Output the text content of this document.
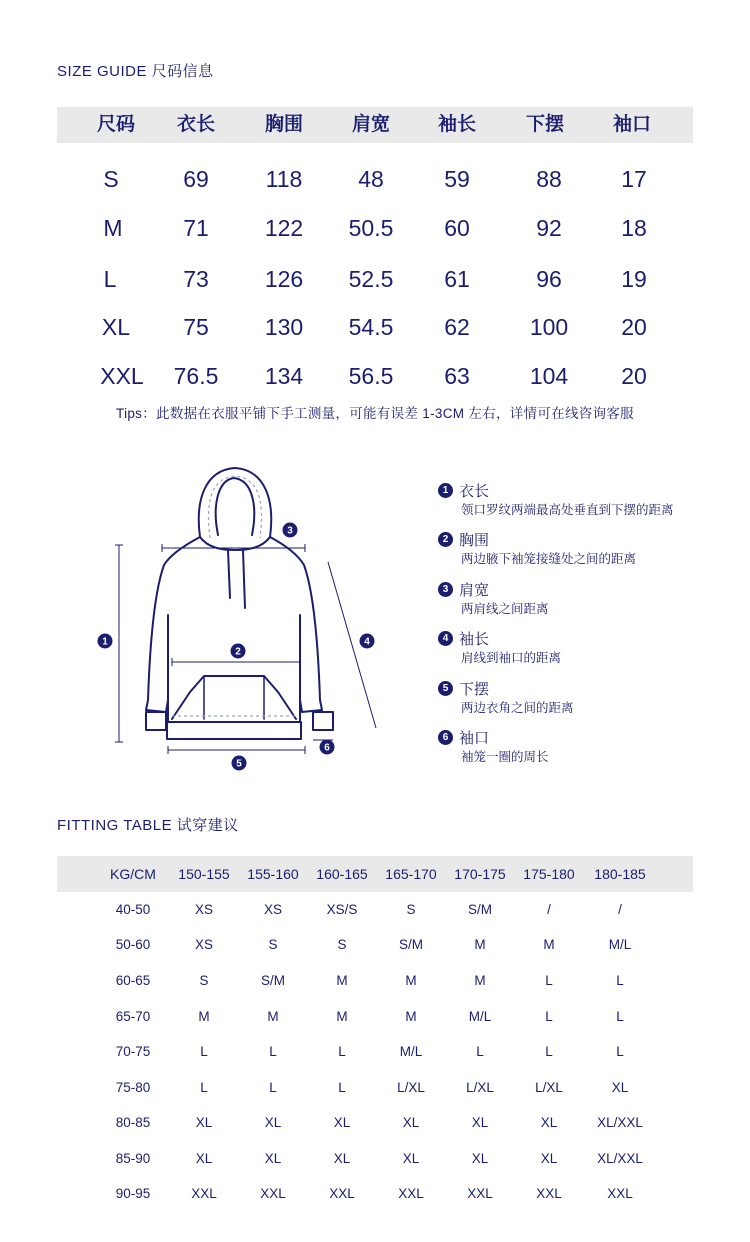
SIZE GUIDE 尺码信息
尺码	衣长	胸围	肩宽	袖长	下摆	袖口
S	69	118	48	59	88	17
M	71	122	50.5	60	92	18
L	73	126	52.5	61	96	19
XL	75	130	54.5	62	100	20
XXL	76.5	134	56.5	63	104	20
Tips：此数据在衣服平铺下手工测量，可能有误差 1-3CM 左右，详情可在线咨询客服
1
2
3
4
5
6
1 衣长
领口罗纹两端最高处垂直到下摆的距离
2 胸围
两边腋下袖笼接缝处之间的距离
3 肩宽
两肩线之间距离
4 袖长
肩线到袖口的距离
5 下摆
两边衣角之间的距离
6 袖口
袖笼一圈的周长
FITTING TABLE 试穿建议
KG/CM	150-155	155-160	160-165	165-170	170-175	175-180	180-185
40-50	XS	XS	XS/S	S	S/M	/	/
50-60	XS	S	S	S/M	M	M	M/L
60-65	S	S/M	M	M	M	L	L
65-70	M	M	M	M	M/L	L	L
70-75	L	L	L	M/L	L	L	L
75-80	L	L	L	L/XL	L/XL	L/XL	XL
80-85	XL	XL	XL	XL	XL	XL	XL/XXL
85-90	XL	XL	XL	XL	XL	XL	XL/XXL
90-95	XXL	XXL	XXL	XXL	XXL	XXL	XXL
